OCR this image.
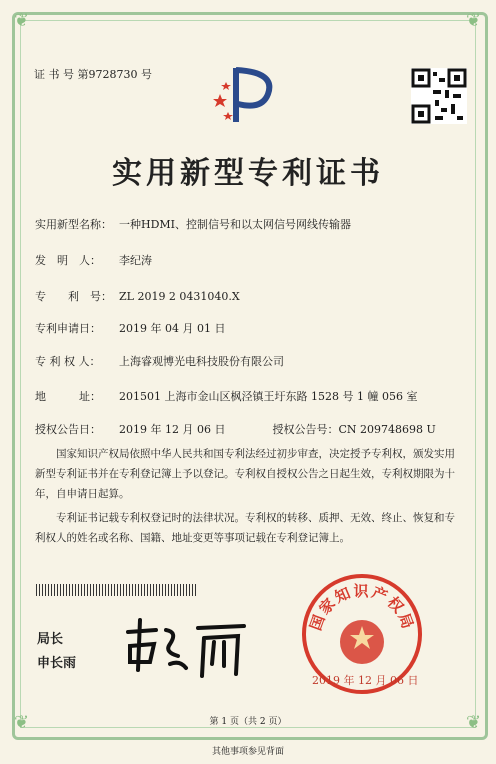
❦	❦
❦	❦
证 书 号 第9728730 号
实用新型专利证书
实用新型名称： 一种HDMI、控制信号和以太网信号网线传输器
发　明　人： 李纪涛
专　　利　号： ZL 2019 2 0431040.X
专利申请日： 2019 年 04 月 01 日
专 利 权 人： 上海睿观博光电科技股份有限公司
地　　　址： 201501 上海市金山区枫泾镇王圩东路 1528 号 1 幢 056 室
授权公告日： 2019 年 12 月 06 日	授权公告号：CN 209748698 U
　　国家知识产权局依照中华人民共和国专利法经过初步审查，决定授予专利权，颁发实用新型专利证书并在专利登记簿上予以登记。专利权自授权公告之日起生效，专利权期限为十年，自申请日起算。
　　专利证书记载专利权登记时的法律状况。专利权的转移、质押、无效、终止、恢复和专利权人的姓名或名称、国籍、地址变更等事项记载在专利登记簿上。
局长
申长雨
国家知识产权局
2019 年 12 月 06 日
第 1 页（共 2 页）
其他事项参见背面
